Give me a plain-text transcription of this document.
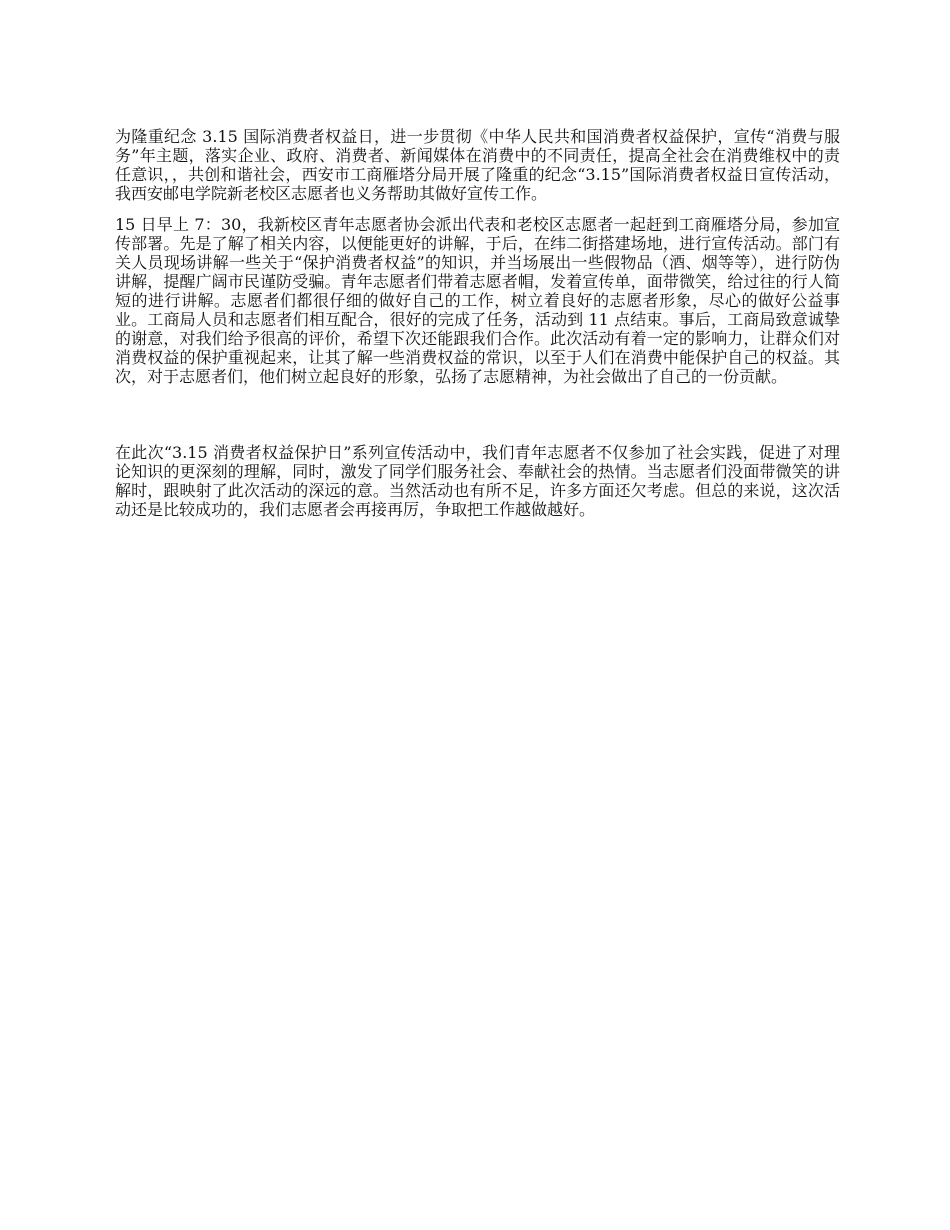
为隆重纪念 3.15 国际消费者权益日，进一步贯彻《中华人民共和国消费者权益保护，宣传“消费与服务”年主题，落实企业、政府、消费者、新闻媒体在消费中的不同责任，提高全社会在消费维权中的责任意识，，共创和谐社会，西安市工商雁塔分局开展了隆重的纪念“3.15”国际消费者权益日宣传活动，我西安邮电学院新老校区志愿者也义务帮助其做好宣传工作。

15 日早上 7：30，我新校区青年志愿者协会派出代表和老校区志愿者一起赶到工商雁塔分局，参加宣传部署。先是了解了相关内容，以便能更好的讲解，于后，在纬二街搭建场地，进行宣传活动。部门有关人员现场讲解一些关于“保护消费者权益”的知识，并当场展出一些假物品（酒、烟等等），进行防伪讲解，提醒广阔市民谨防受骗。青年志愿者们带着志愿者帽，发着宣传单，面带微笑，给过往的行人简短的进行讲解。志愿者们都很仔细的做好自己的工作，树立着良好的志愿者形象，尽心的做好公益事业。工商局人员和志愿者们相互配合，很好的完成了任务，活动到 11 点结束。事后，工商局致意诚挚的谢意，对我们给予很高的评价，希望下次还能跟我们合作。此次活动有着一定的影响力，让群众们对消费权益的保护重视起来，让其了解一些消费权益的常识，以至于人们在消费中能保护自己的权益。其次，对于志愿者们，他们树立起良好的形象，弘扬了志愿精神，为社会做出了自己的一份贡献。

在此次“3.15 消费者权益保护日”系列宣传活动中，我们青年志愿者不仅参加了社会实践，促进了对理论知识的更深刻的理解，同时，激发了同学们服务社会、奉献社会的热情。当志愿者们没面带微笑的讲解时，跟映射了此次活动的深远的意。当然活动也有所不足，许多方面还欠考虑。但总的来说，这次活动还是比较成功的，我们志愿者会再接再厉，争取把工作越做越好。
